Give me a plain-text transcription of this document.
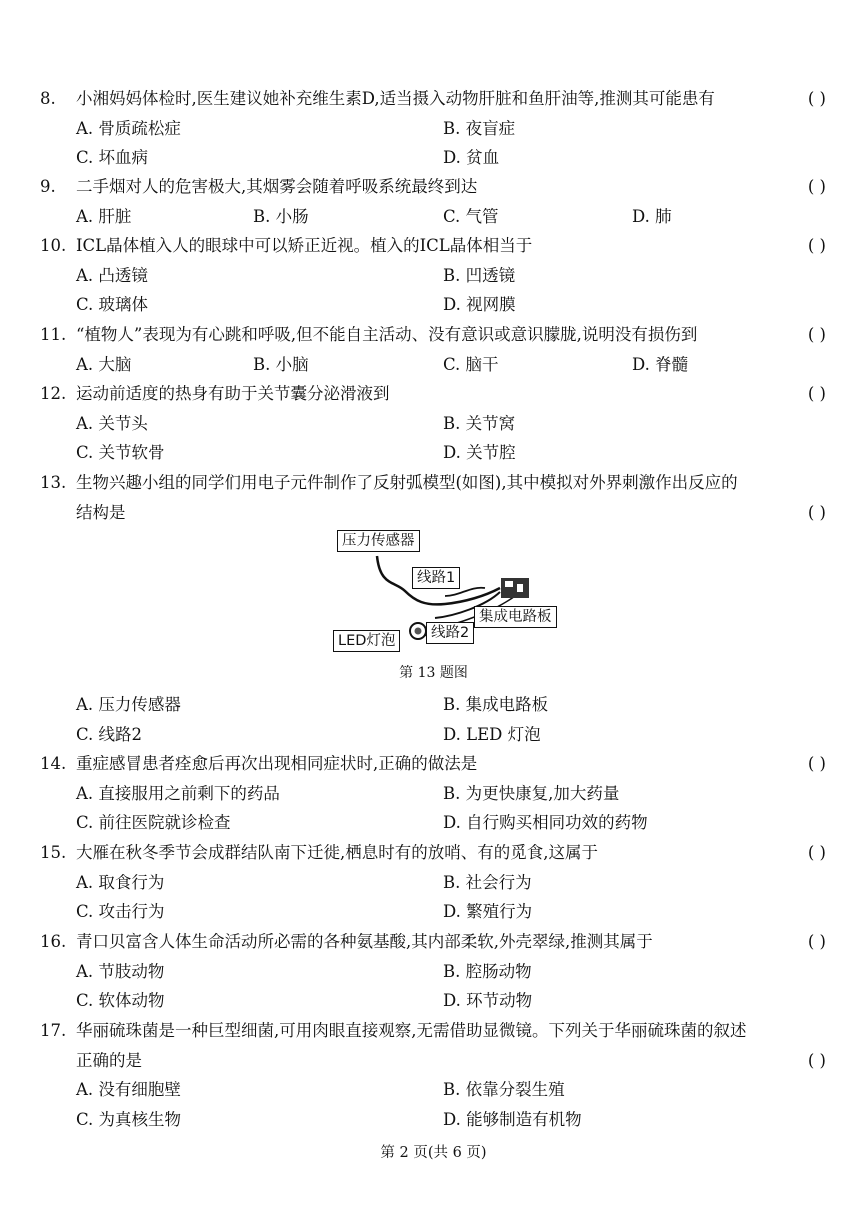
8. 小湘妈妈体检时,医生建议她补充维生素D,适当摄入动物肝脏和鱼肝油等,推测其可能患有	( )
A. 骨质疏松症	B. 夜盲症
C. 坏血病	D. 贫血
9. 二手烟对人的危害极大,其烟雾会随着呼吸系统最终到达	( )
A. 肝脏	B. 小肠	C. 气管	D. 肺
10. ICL晶体植入人的眼球中可以矫正近视。植入的ICL晶体相当于	( )
A. 凸透镜	B. 凹透镜
C. 玻璃体	D. 视网膜
11. “植物人”表现为有心跳和呼吸,但不能自主活动、没有意识或意识朦胧,说明没有损伤到	( )
A. 大脑	B. 小脑	C. 脑干	D. 脊髓
12. 运动前适度的热身有助于关节囊分泌滑液到	( )
A. 关节头	B. 关节窝
C. 关节软骨	D. 关节腔
13. 生物兴趣小组的同学们用电子元件制作了反射弧模型(如图),其中模拟对外界刺激作出反应的
结构是	( )
压力传感器
线路1
集成电路板
LED灯泡	线路2
第 13 题图
A. 压力传感器	B. 集成电路板
C. 线路2	D. LED 灯泡
14. 重症感冒患者痊愈后再次出现相同症状时,正确的做法是	( )
A. 直接服用之前剩下的药品	B. 为更快康复,加大药量
C. 前往医院就诊检查	D. 自行购买相同功效的药物
15. 大雁在秋冬季节会成群结队南下迁徙,栖息时有的放哨、有的觅食,这属于	( )
A. 取食行为	B. 社会行为
C. 攻击行为	D. 繁殖行为
16. 青口贝富含人体生命活动所必需的各种氨基酸,其内部柔软,外壳翠绿,推测其属于	( )
A. 节肢动物	B. 腔肠动物
C. 软体动物	D. 环节动物
17. 华丽硫珠菌是一种巨型细菌,可用肉眼直接观察,无需借助显微镜。下列关于华丽硫珠菌的叙述
正确的是	( )
A. 没有细胞壁	B. 依靠分裂生殖
C. 为真核生物	D. 能够制造有机物
第 2 页(共 6 页)
